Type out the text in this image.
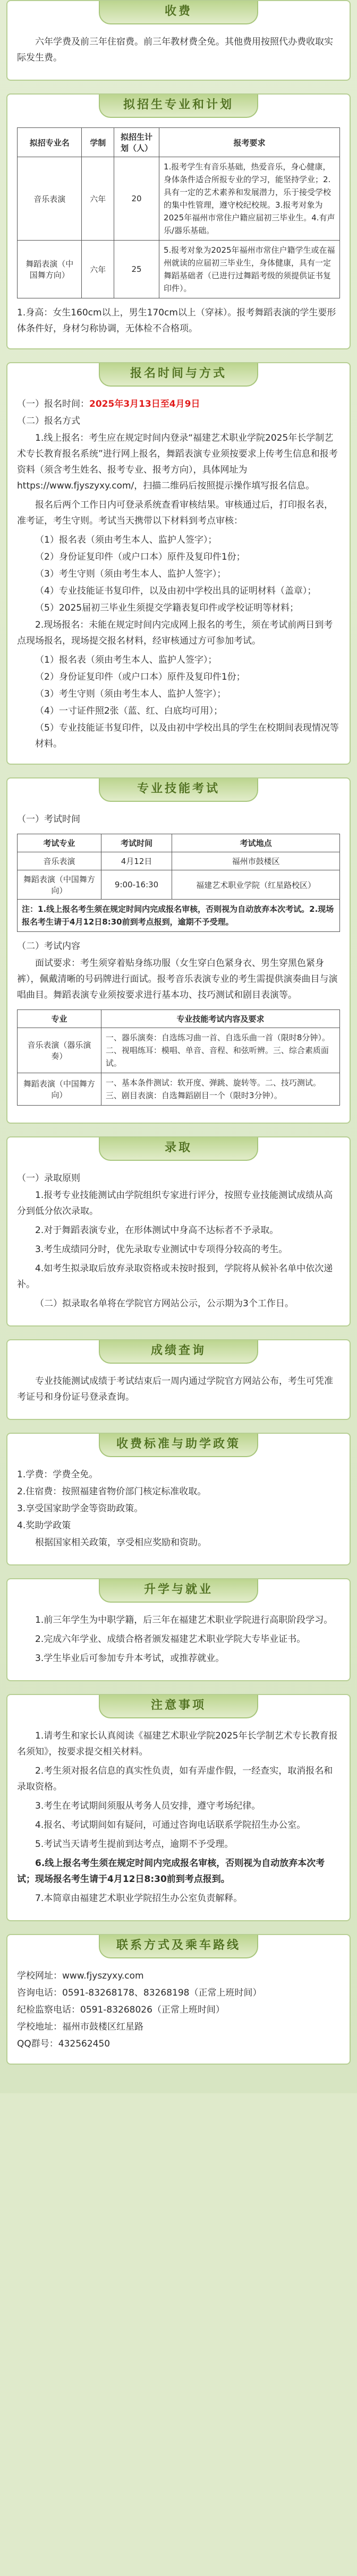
收费

六年学费及前三年住宿费。前三年教材费全免。其他费用按照代办费收取实际发生费。

拟招生专业和计划
拟招专业名	学制	拟招生计划（人）	报考要求
音乐表演	六年	20	1.报考学生有音乐基础，热爱音乐，身心健康，身体条件适合所报专业的学习，能坚持学业；2.具有一定的艺术素养和发展潜力，乐于接受学校的集中性管理，遵守校纪校规。3.报考对象为2025年福州市常住户籍应届初三毕业生。4.有声乐/器乐基础。
舞蹈表演（中国舞方向）	六年	25	5.报考对象为2025年福州市常住户籍学生或在福州就读的应届初三毕业生，身体健康，具有一定舞蹈基础者（已进行过舞蹈考级的须提供证书复印件）。

1.身高：女生160cm以上，男生170cm以上（穿袜）。报考舞蹈表演的学生要形体条件好，身材匀称协调，无体检不合格项。

报名时间与方式

（一）报名时间：2025年3月13日至4月9日

（二）报名方式

1.线上报名：考生应在规定时间内登录“福建艺术职业学院2025年长学制艺术专长教育报名系统”进行网上报名，舞蹈表演专业须按要求上传考生信息和报考资料（须含考生姓名、报考专业、报考方向），具体网址为https://www.fjyszyxy.com/，扫描二维码后按照提示操作填写报名信息。

报名后两个工作日内可登录系统查看审核结果。审核通过后，打印报名表，准考证，考生守则。考试当天携带以下材料到考点审核：

（1）报名表（须由考生本人、监护人签字）；

（2）身份证复印件（或户口本）原件及复印件1份；

（3）考生守则（须由考生本人、监护人签字）；

（4）专业技能证书复印件，以及由初中学校出具的证明材料（盖章）；

（5）2025届初三毕业生须提交学籍表复印件或学校证明等材料；

2.现场报名：未能在规定时间内完成网上报名的考生，须在考试前两日到考点现场报名，现场提交报名材料，经审核通过方可参加考试。

（1）报名表（须由考生本人、监护人签字）；

（2）身份证复印件（或户口本）原件及复印件1份；

（3）考生守则（须由考生本人、监护人签字）；

（4）一寸证件照2张（蓝、红、白底均可用）；

（5）专业技能证书复印件，以及由初中学校出具的学生在校期间表现情况等材料。

专业技能考试

（一）考试时间

考试专业	考试时间	考试地点
音乐表演	4月12日	福州市鼓楼区
舞蹈表演（中国舞方向）	9:00-16:30	福建艺术职业学院（红星路校区）
注：1.线上报名考生须在规定时间内完成报名审核，否则视为自动放弃本次考试。2.现场报名考生请于4月12日8:30前到考点报到，逾期不予受理。		

（二）考试内容

面试要求：考生须穿着贴身练功服（女生穿白色紧身衣、男生穿黑色紧身裤），佩戴清晰的号码牌进行面试。报考音乐表演专业的考生需提供演奏曲目与演唱曲目。舞蹈表演专业须按要求进行基本功、技巧测试和剧目表演等。

专业	专业技能考试内容及要求
音乐表演（器乐演奏）	一、器乐演奏：自选练习曲一首、自选乐曲一首（限时8分钟）。二、视唱练耳：模唱、单音、音程、和弦听辨。三、综合素质面试。
舞蹈表演（中国舞方向）	一、基本条件测试：软开度、弹跳、旋转等。二、技巧测试。三、剧目表演：自选舞蹈剧目一个（限时3分钟）。
录取

（一）录取原则

1.报考专业技能测试由学院组织专家进行评分，按照专业技能测试成绩从高分到低分依次录取。

2.对于舞蹈表演专业，在形体测试中身高不达标者不予录取。

3.考生成绩同分时，优先录取专业测试中专项得分较高的考生。

4.如考生拟录取后放弃录取资格或未按时报到，学院将从候补名单中依次递补。

（二）拟录取名单将在学院官方网站公示，公示期为3个工作日。

成绩查询

专业技能测试成绩于考试结束后一周内通过学院官方网站公布，考生可凭准考证号和身份证号登录查询。

收费标准与助学政策

1.学费：学费全免。

2.住宿费：按照福建省物价部门核定标准收取。

3.享受国家助学金等资助政策。

4.奖助学政策

根据国家相关政策，享受相应奖励和资助。

升学与就业

1.前三年学生为中职学籍，后三年在福建艺术职业学院进行高职阶段学习。

2.完成六年学业、成绩合格者颁发福建艺术职业学院大专毕业证书。

3.学生毕业后可参加专升本考试，或推荐就业。

注意事项

1.请考生和家长认真阅读《福建艺术职业学院2025年长学制艺术专长教育报名须知》，按要求提交相关材料。

2.考生须对报名信息的真实性负责，如有弄虚作假，一经查实，取消报名和录取资格。

3.考生在考试期间须服从考务人员安排，遵守考场纪律。

4.报名、考试期间如有疑问，可通过咨询电话联系学院招生办公室。

5.考试当天请考生提前到达考点，逾期不予受理。

6.线上报名考生须在规定时间内完成报名审核，否则视为自动放弃本次考试；现场报名考生请于4月12日8:30前到考点报到。

7.本简章由福建艺术职业学院招生办公室负责解释。

联系方式及乘车路线

学校网址：www.fjyszyxy.com

咨询电话：0591-83268178、83268198（正常上班时间）

纪检监察电话：0591-83268026（正常上班时间）

学校地址：福州市鼓楼区红星路

QQ群号：432562450
